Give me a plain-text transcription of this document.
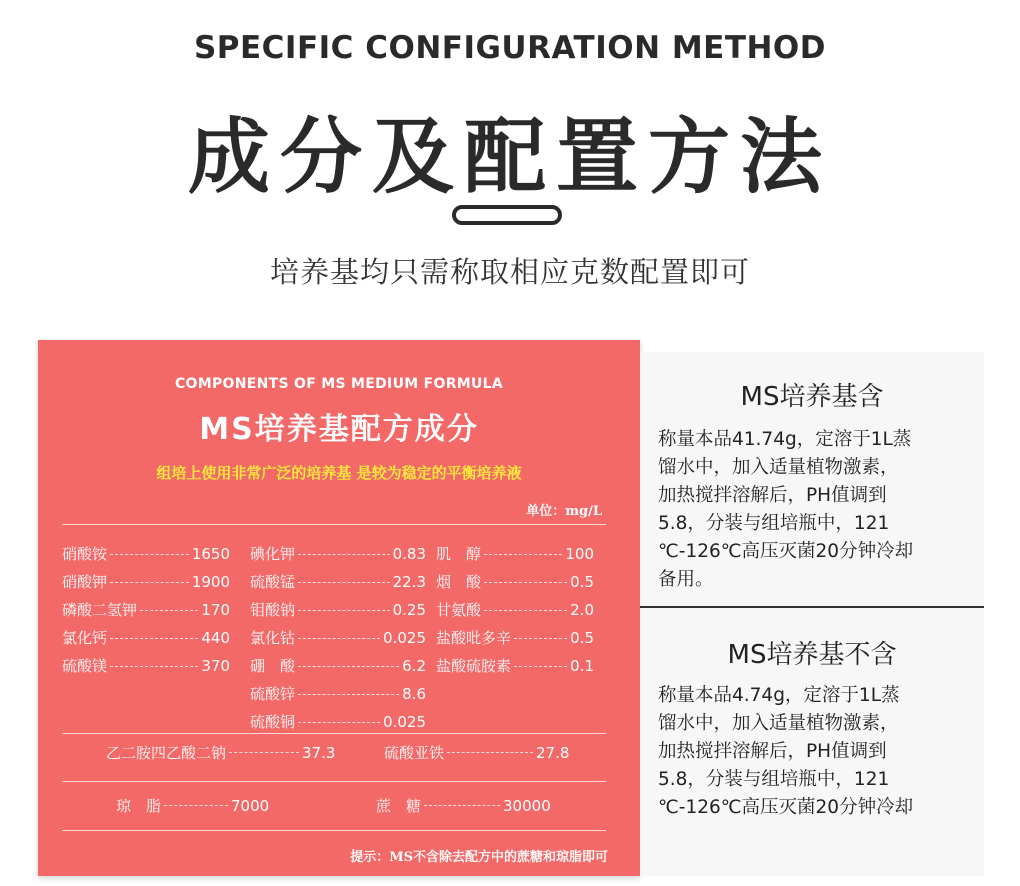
SPECIFIC CONFIGURATION METHOD
成分及配置方法
培养基均只需称取相应克数配置即可
COMPONENTS OF MS MEDIUM FORMULA
MS培养基配方成分
组培上使用非常广泛的培养基 是较为稳定的平衡培养液
单位：mg/L
硝酸铵	1650
硝酸钾	1900
磷酸二氢钾	170
氯化钙	440
硫酸镁	370
碘化钾	0.83
硫酸锰	22.3
钼酸钠	0.25
氯化钴	0.025
硼　酸	6.2
硫酸锌	8.6
硫酸铜	0.025
肌　醇	100
烟　酸	0.5
甘氨酸	2.0
盐酸吡多辛	0.5
盐酸硫胺素	0.1
乙二胺四乙酸二钠	37.3	硫酸亚铁	27.8
琼　脂	7000	蔗　糖	30000
提示：MS不含除去配方中的蔗糖和琼脂即可
MS培养基含
称量本品41.74g，定溶于1L蒸
馏水中，加入适量植物激素，
加热搅拌溶解后，PH值调到
5.8，分装与组培瓶中，121
℃-126℃高压灭菌20分钟冷却
备用。
MS培养基不含
称量本品4.74g，定溶于1L蒸
馏水中，加入适量植物激素，
加热搅拌溶解后，PH值调到
5.8，分装与组培瓶中，121
℃-126℃高压灭菌20分钟冷却
